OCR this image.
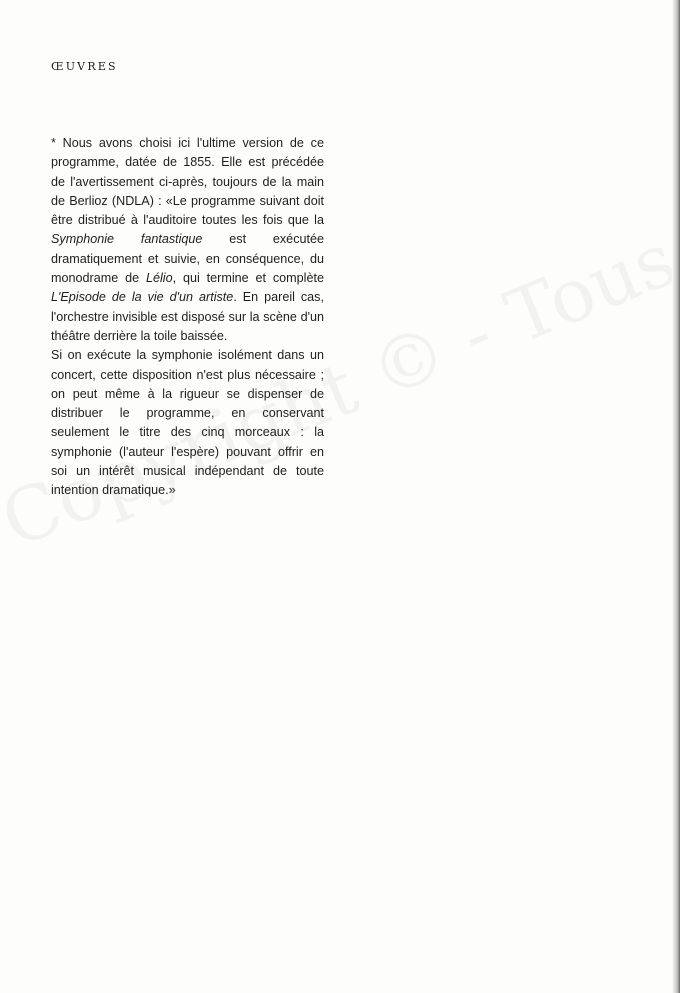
ŒUVRES

* Nous avons choisi ici l'ultime version de ce programme, datée de 1855. Elle est précédée de l'avertissement ci-après, toujours de la main de Berlioz (NDLA) : «Le programme suivant doit être distribué à l'auditoire toutes les fois que la Symphonie fantastique est exécutée dramatiquement et suivie, en conséquence, du monodrame de Lélio, qui termine et complète L'Episode de la vie d'un artiste. En pareil cas, l'orchestre invisible est disposé sur la scène d'un théâtre derrière la toile baissée.

Si on exécute la symphonie isolément dans un concert, cette disposition n'est plus nécessaire ; on peut même à la rigueur se dispenser de distribuer le programme, en conservant seulement le titre des cinq morceaux : la symphonie (l'auteur l'espère) pouvant offrir en soi un intérêt musical indépendant de toute intention dramatique.»
